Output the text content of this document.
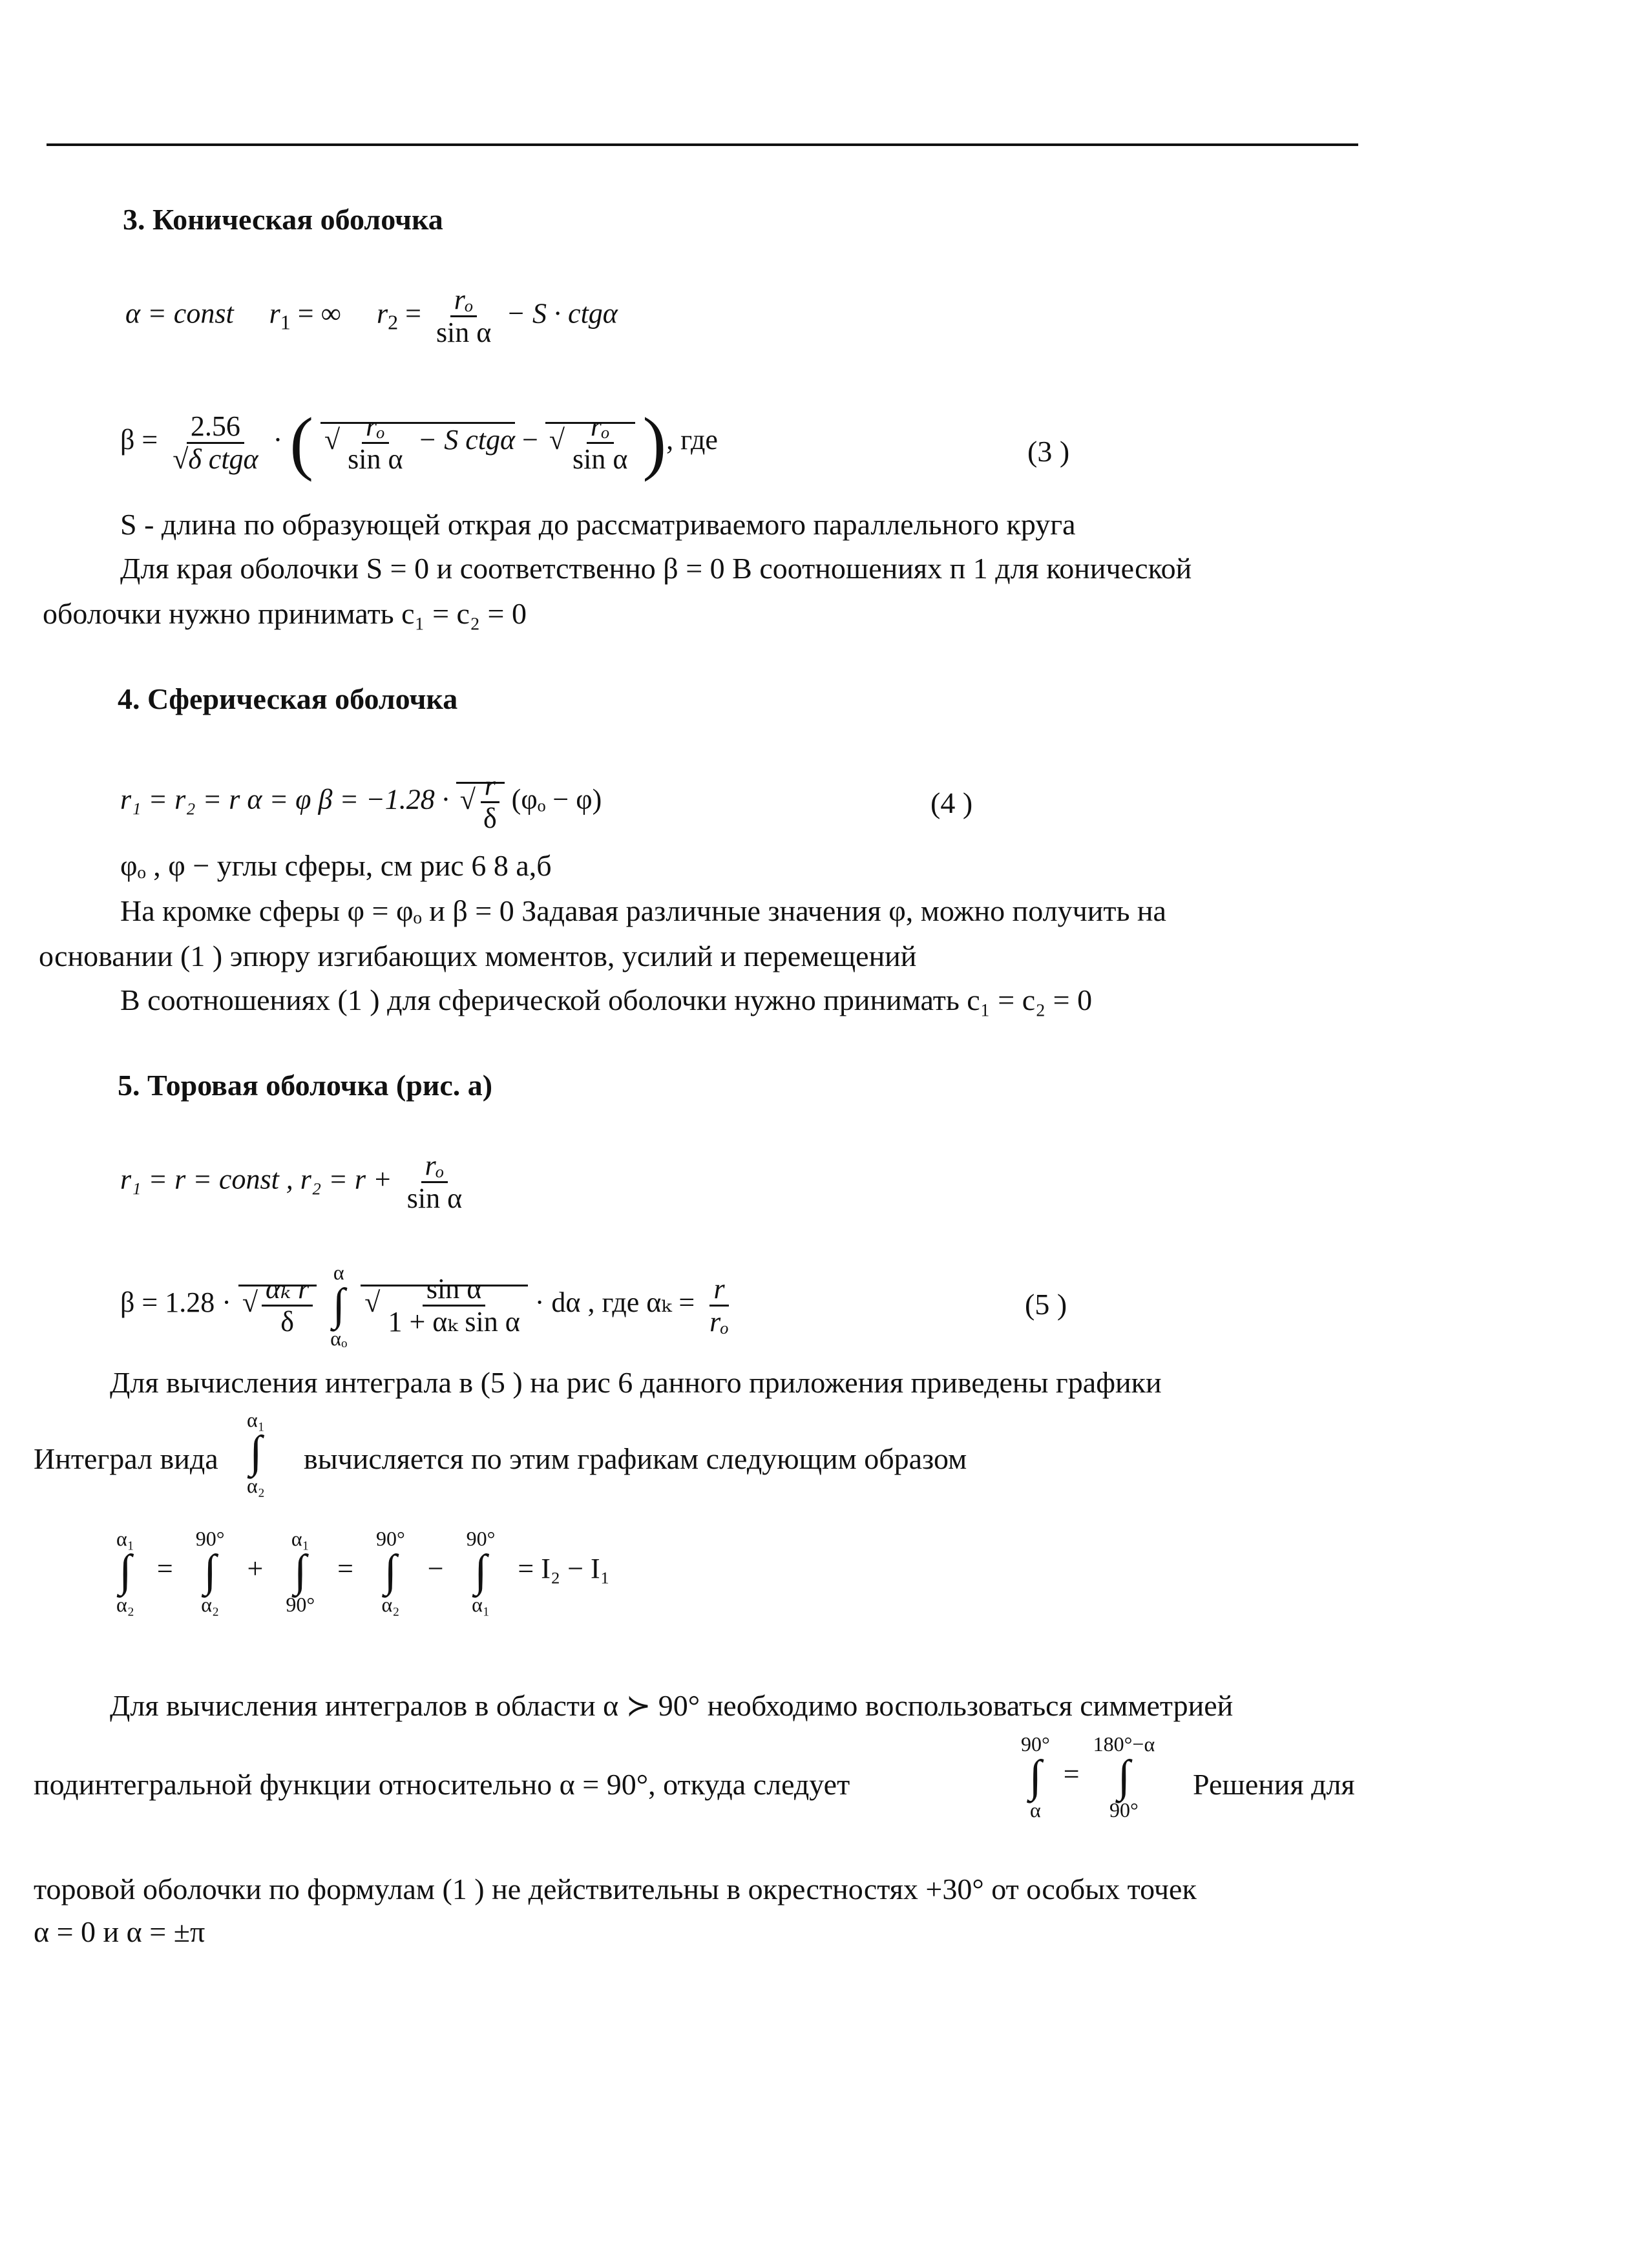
3. Коническая оболочка
α = const $r_1$ = ∞ $r_2 = \frac{\text{rₒ}}{\text{sin α}} - S \cdot ctg\alpha$
$\beta = \frac{2.56}{\text{√δ ctgα}}$ · ( √ $\frac{\text{rₒ}}{\text{sin α}} - S$ ctgα − √ $\frac{\text{rₒ}}{\text{sin α}}$ ), где	(3 )
S - длина по образующей открая до рассматриваемого параллельного круга
Для края оболочки S = 0 и соответственно β = 0 В соотношениях п 1 для конической
оболочки нужно принимать c₁ = c₂ = 0
4. Сферическая оболочка
r₁ = r₂ = r α = φ β = −1.28 · √ $\frac{r}{\delta} (\varphi_o - \varphi)$	(4 )
φₒ , φ − углы сферы, см рис 6 8 а,б
На кромке сферы φ = φₒ и β = 0 Задавая различные значения φ, можно получить на
основании (1 ) эпюру изгибающих моментов, усилий и перемещений
В соотношениях (1 ) для сферической оболочки нужно принимать c₁ = c₂ = 0
5. Торовая оболочка (рис. а)
r₁ = r = const , $r_2 = r + \frac{\text{rₒ}}{\text{sin α}}$
β = 1.28 · √ $\frac{\text{αₖ r}}{\delta}$

α
∫
αₒ
√ $\frac{\text{sin α}}{\text{1 + αₖ sin α}} \cdot d\alpha$ , где $\alpha_k = \frac{r}{\text{rₒ}}$	(5 )
Для вычисления интеграла в (5 ) на рис 6 данного приложения приведены графики
Интеграл вида
α₁
∫
α₂
вычисляется по этим графикам следующим образом
α₁
∫
α₂
=
90°
∫
α₂
+
α₁
∫
90°
=
90°
∫
α₂
−
90°
∫
α₁
= I₂ − I₁
Для вычисления интегралов в области α ≻ 90° необходимо воспользоваться симметрией
подинтегральной функции относительно α = 90°, откуда следует
90°
∫
α
=
180°−α
∫
90°
Решения для
торовой оболочки по формулам (1 ) не действительны в окрестностях +30° от особых точек
α = 0 и α = ±π
